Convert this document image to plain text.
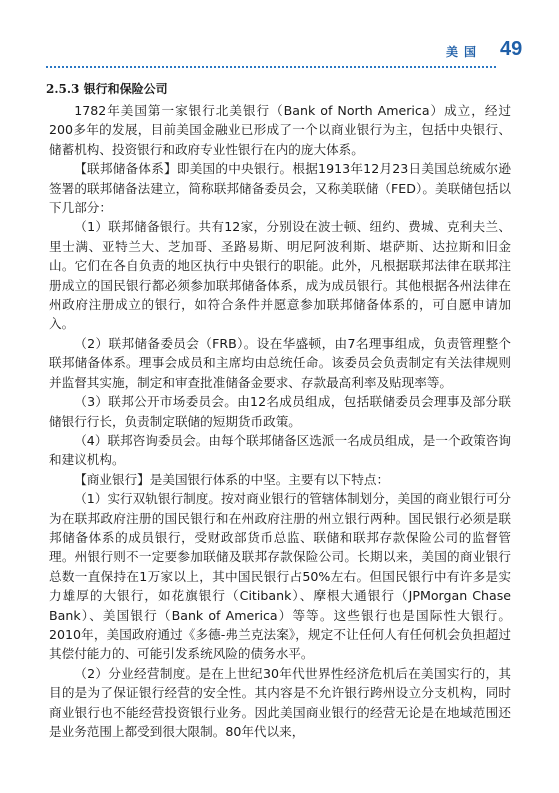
美国 49
2.5.3 银行和保险公司

1782年美国第一家银行北美银行（Bank of North America）成立，经过200多年的发展，目前美国金融业已形成了一个以商业银行为主，包括中央银行、储蓄机构、投资银行和政府专业性银行在内的庞大体系。

【联邦储备体系】即美国的中央银行。根据1913年12月23日美国总统威尔逊签署的联邦储备法建立，简称联邦储备委员会，又称美联储（FED）。美联储包括以下几部分：

（1）联邦储备银行。共有12家，分别设在波士顿、纽约、费城、克利夫兰、里士满、亚特兰大、芝加哥、圣路易斯、明尼阿波利斯、堪萨斯、达拉斯和旧金山。它们在各自负责的地区执行中央银行的职能。此外，凡根据联邦法律在联邦注册成立的国民银行都必须参加联邦储备体系，成为成员银行。其他根据各州法律在州政府注册成立的银行，如符合条件并愿意参加联邦储备体系的，可自愿申请加入。

（2）联邦储备委员会（FRB）。设在华盛顿，由7名理事组成，负责管理整个联邦储备体系。理事会成员和主席均由总统任命。该委员会负责制定有关法律规则并监督其实施，制定和审查批准储备金要求、存款最高利率及贴现率等。

（3）联邦公开市场委员会。由12名成员组成，包括联储委员会理事及部分联储银行行长，负责制定联储的短期货币政策。

（4）联邦咨询委员会。由每个联邦储备区选派一名成员组成，是一个政策咨询和建议机构。

【商业银行】是美国银行体系的中坚。主要有以下特点：

（1）实行双轨银行制度。按对商业银行的管辖体制划分，美国的商业银行可分为在联邦政府注册的国民银行和在州政府注册的州立银行两种。国民银行必须是联邦储备体系的成员银行，受财政部货币总监、联储和联邦存款保险公司的监督管理。州银行则不一定要参加联储及联邦存款保险公司。长期以来，美国的商业银行总数一直保持在1万家以上，其中国民银行占50%左右。但国民银行中有许多是实力雄厚的大银行，如花旗银行（Citibank）、摩根大通银行（JPMorgan Chase Bank）、美国银行（Bank of America）等等。这些银行也是国际性大银行。2010年，美国政府通过《多德-弗兰克法案》，规定不让任何人有任何机会负担超过其偿付能力的、可能引发系统风险的债务水平。

（2）分业经营制度。是在上世纪30年代世界性经济危机后在美国实行的，其目的是为了保证银行经营的安全性。其内容是不允许银行跨州设立分支机构，同时商业银行也不能经营投资银行业务。因此美国商业银行的经营无论是在地域范围还是业务范围上都受到很大限制。80年代以来，
